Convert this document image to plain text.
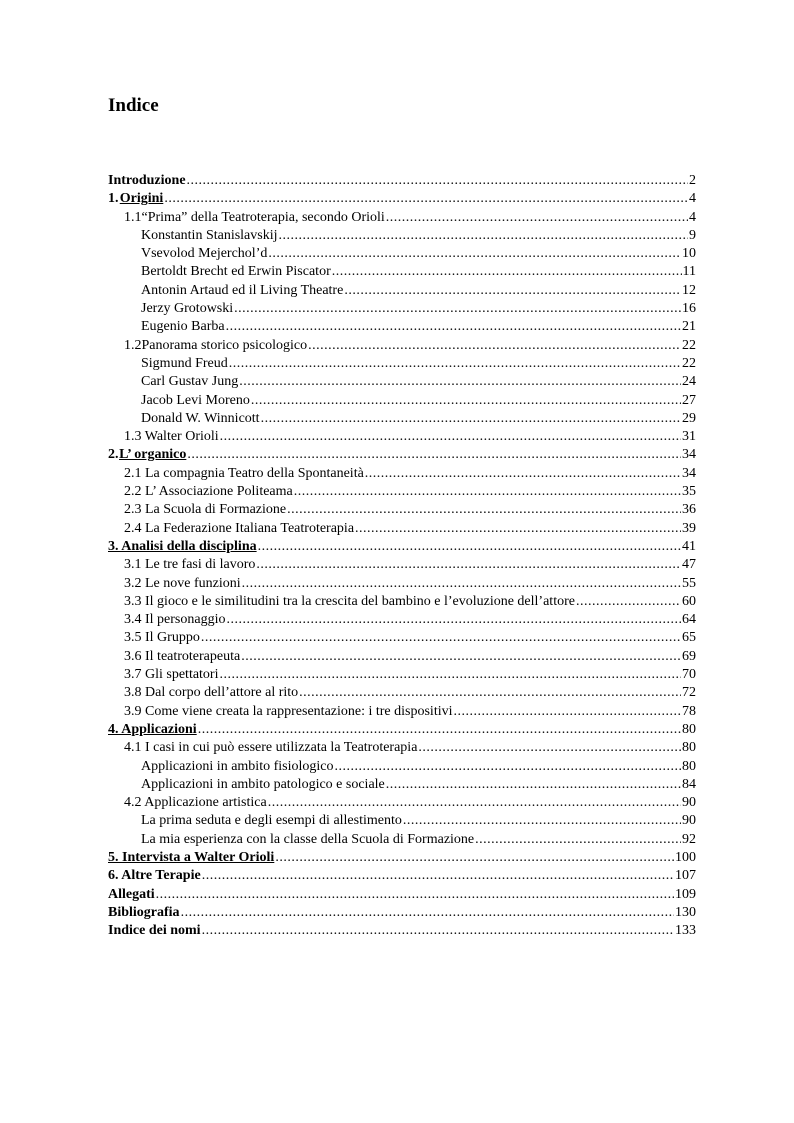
Indice
Introduzione .....	2
1. Origini .....	4
1.1 “Prima” della Teatroterapia, secondo Orioli .....	4
Konstantin Stanislavskij .....	9
Vsevolod Mejerchol’d .....	10
Bertoldt Brecht ed Erwin Piscator .....	11
Antonin Artaud ed il Living Theatre .....	12
Jerzy Grotowski .....	16
Eugenio Barba .....	21
1.2 Panorama storico psicologico .....	22
Sigmund Freud .....	22
Carl Gustav Jung .....	24
Jacob Levi Moreno .....	27
Donald W. Winnicott .....	29
1.3 Walter Orioli .....	31
2. L’ organico .....	34
2.1 La compagnia Teatro della Spontaneità .....	34
2.2 L’ Associazione Politeama .....	35
2.3 La Scuola di Formazione .....	36
2.4 La Federazione Italiana Teatroterapia .....	39
3. Analisi della disciplina .....	41
3.1 Le tre fasi di lavoro .....	47
3.2 Le nove funzioni .....	55
3.3 Il gioco e le similitudini tra la crescita del bambino e l’evoluzione dell’attore .....	60
3.4 Il personaggio .....	64
3.5 Il Gruppo .....	65
3.6 Il teatroterapeuta .....	69
3.7 Gli spettatori .....	70
3.8 Dal corpo dell’attore al rito .....	72
3.9 Come viene creata la rappresentazione: i tre dispositivi .....	78
4. Applicazioni .....	80
4.1 I casi in cui può essere utilizzata la Teatroterapia .....	80
Applicazioni in ambito fisiologico .....	80
Applicazioni in ambito patologico e sociale .....	84
4.2 Applicazione artistica .....	90
La prima seduta e degli esempi di allestimento .....	90
La mia esperienza con la classe della Scuola di Formazione .....	92
5. Intervista a Walter Orioli .....	100
6. Altre Terapie .....	107
Allegati .....	109
Bibliografia .....	130
Indice dei nomi .....	133
